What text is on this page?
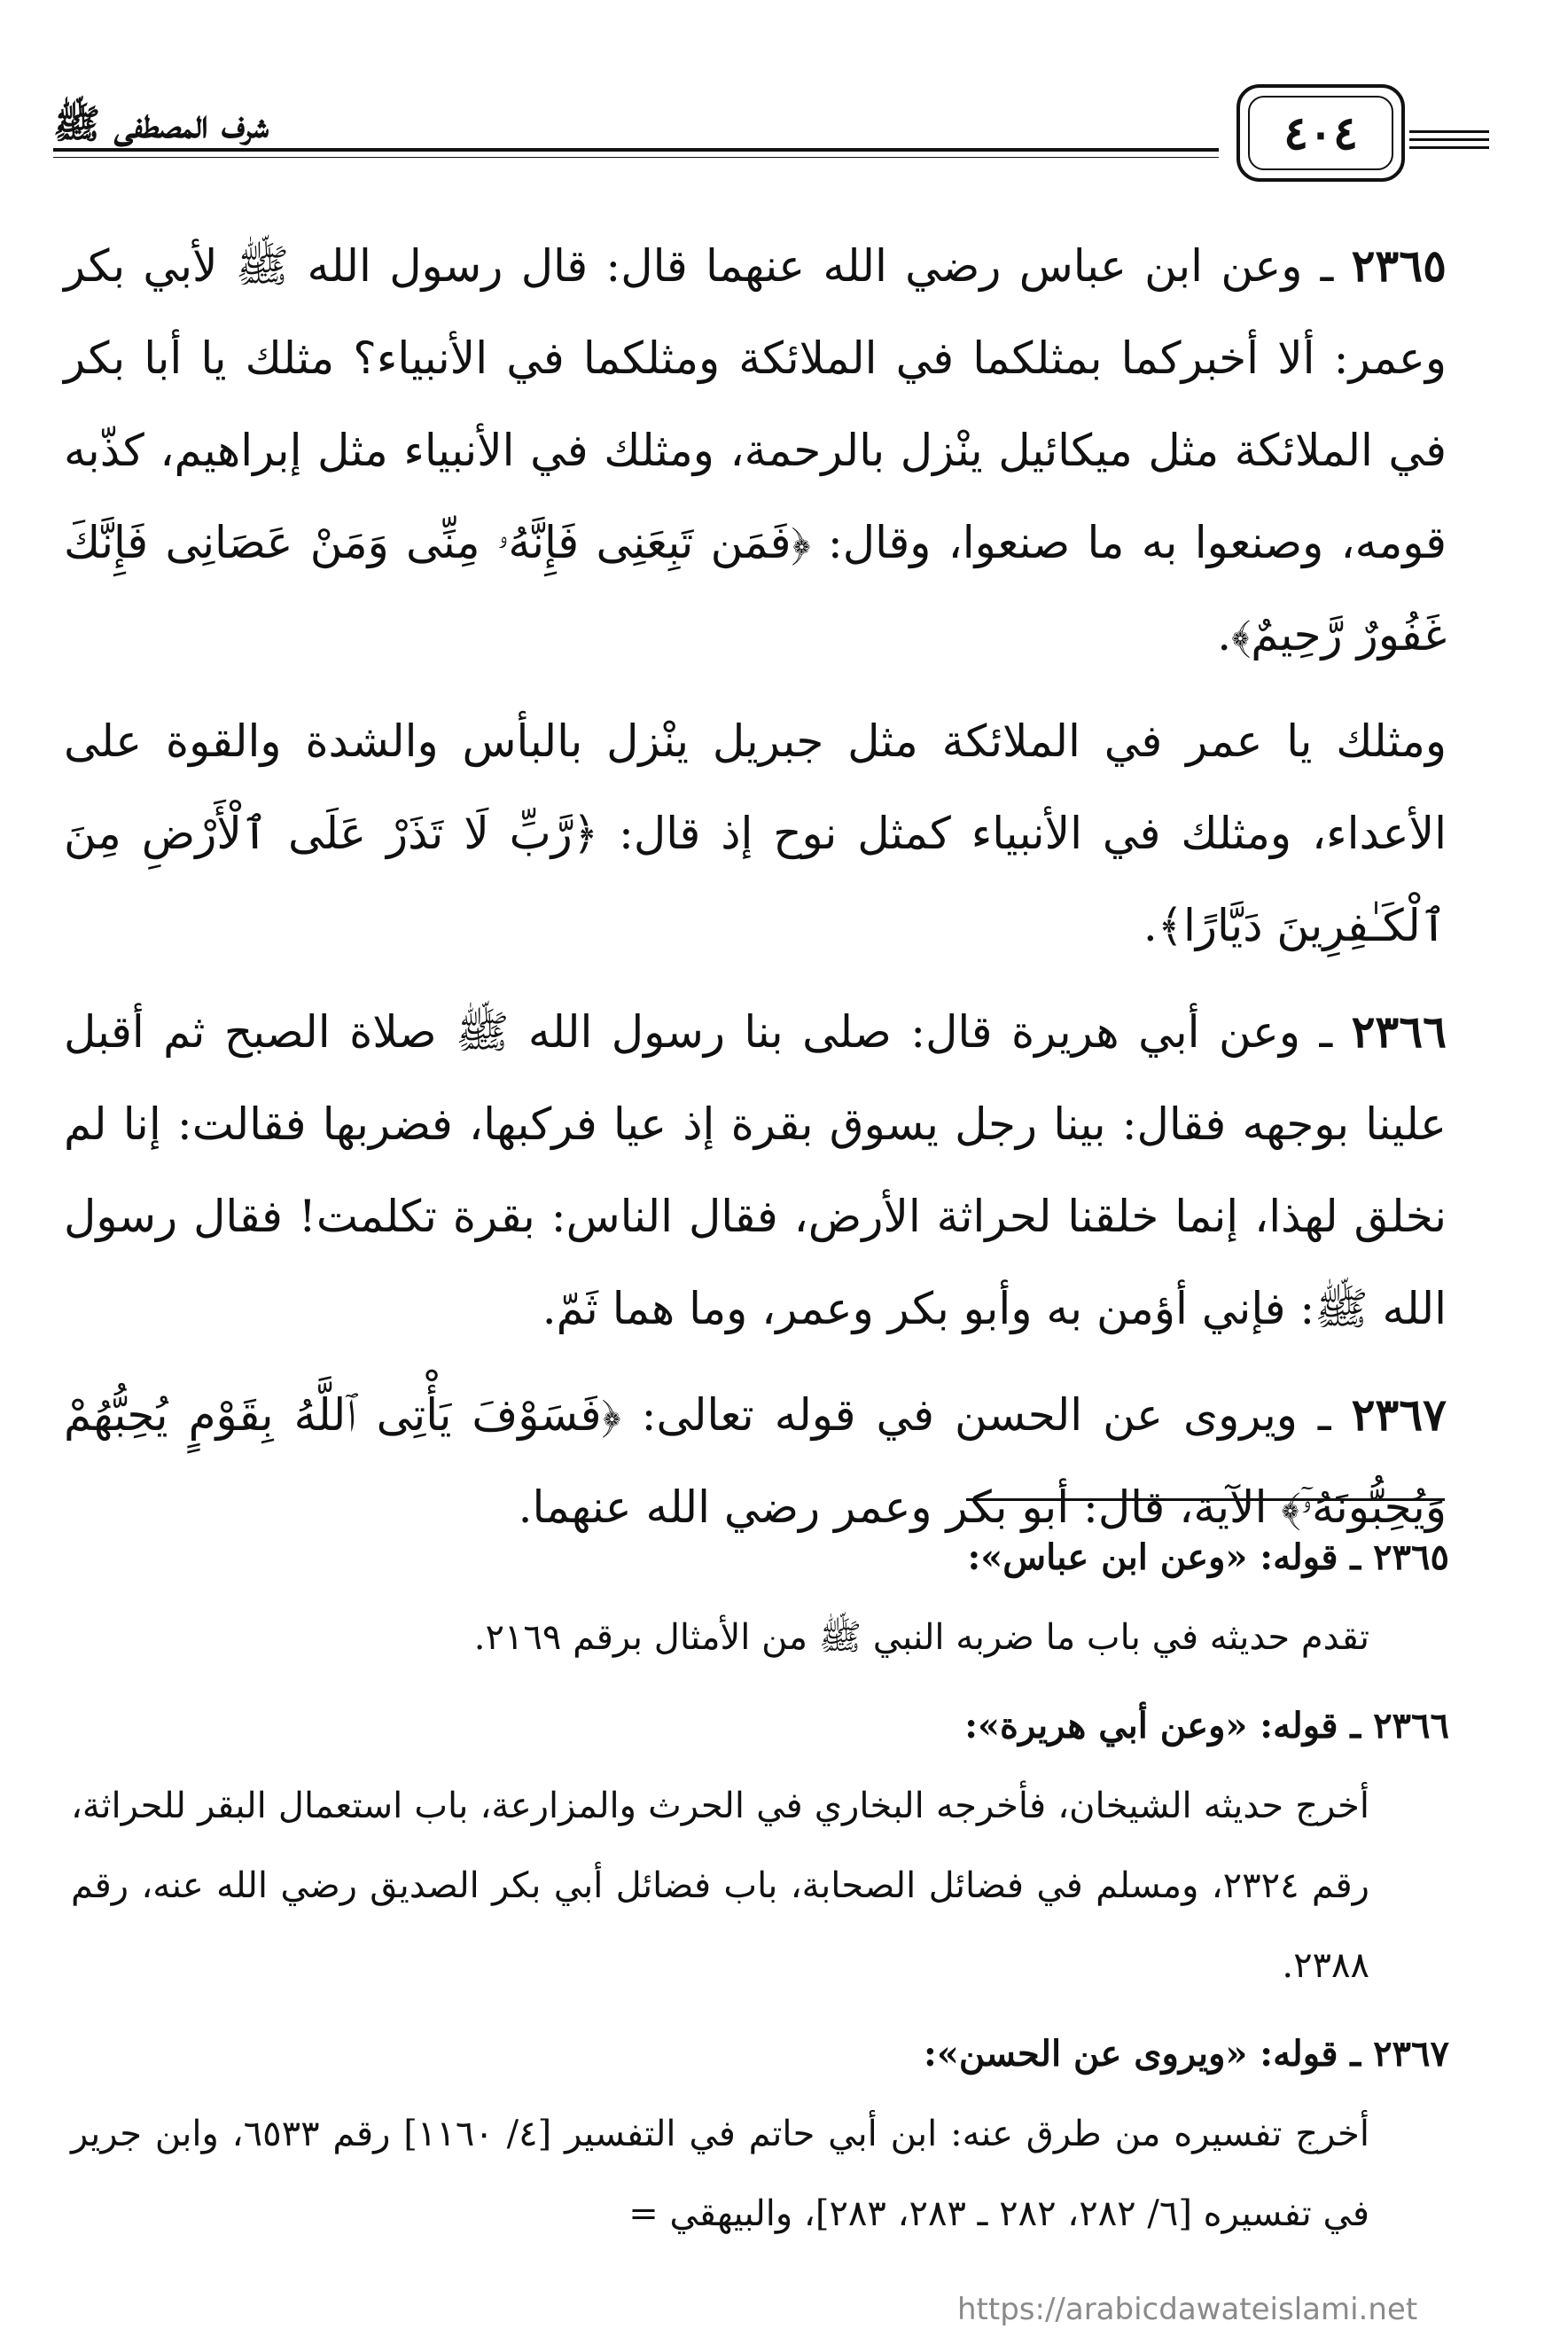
شرف المصطفى ﷺ	٤٠٤

٢٣٦٥ ـ وعن ابن عباس رضي الله عنهما قال: قال رسول الله ﷺ لأبي بكر وعمر: ألا أخبركما بمثلكما في الملائكة ومثلكما في الأنبياء؟ مثلك يا أبا بكر في الملائكة مثل ميكائيل ينْزل بالرحمة، ومثلك في الأنبياء مثل إبراهيم، كذّبه قومه، وصنعوا به ما صنعوا، وقال: ﴿فَمَن تَبِعَنِى فَإِنَّهُۥ مِنِّى وَمَنْ عَصَانِى فَإِنَّكَ غَفُورٌ رَّحِيمٌ﴾.

ومثلك يا عمر في الملائكة مثل جبريل ينْزل بالبأس والشدة والقوة على الأعداء، ومثلك في الأنبياء كمثل نوح إذ قال: ﴿رَّبِّ لَا تَذَرْ عَلَى ٱلْأَرْضِ مِنَ ٱلْكَـٰفِرِينَ دَيَّارًا﴾.

٢٣٦٦ ـ وعن أبي هريرة قال: صلى بنا رسول الله ﷺ صلاة الصبح ثم أقبل علينا بوجهه فقال: بينا رجل يسوق بقرة إذ عيا فركبها، فضربها فقالت: إنا لم نخلق لهذا، إنما خلقنا لحراثة الأرض، فقال الناس: بقرة تكلمت! فقال رسول الله ﷺ: فإني أؤمن به وأبو بكر وعمر، وما هما ثَمّ.

٢٣٦٧ ـ ويروى عن الحسن في قوله تعالى: ﴿فَسَوْفَ يَأْتِى ٱللَّهُ بِقَوْمٍ يُحِبُّهُمْ وَيُحِبُّونَهُۥٓ﴾ الآية، قال: أبو بكر وعمر رضي الله عنهما.

٢٣٦٥ ـ قوله: «وعن ابن عباس»:

تقدم حديثه في باب ما ضربه النبي ﷺ من الأمثال برقم ٢١٦٩.

٢٣٦٦ ـ قوله: «وعن أبي هريرة»:

أخرج حديثه الشيخان، فأخرجه البخاري في الحرث والمزارعة، باب استعمال البقر للحراثة، رقم ٢٣٢٤، ومسلم في فضائل الصحابة، باب فضائل أبي بكر الصديق رضي الله عنه، رقم ٢٣٨٨.

٢٣٦٧ ـ قوله: «ويروى عن الحسن»:

أخرج تفسيره من طرق عنه: ابن أبي حاتم في التفسير [٤/ ١١٦٠] رقم ٦٥٣٣، وابن جرير في تفسيره [٦/ ٢٨٢، ٢٨٢ ـ ٢٨٣، ٢٨٣]، والبيهقي =

https://arabicdawateislami.net
